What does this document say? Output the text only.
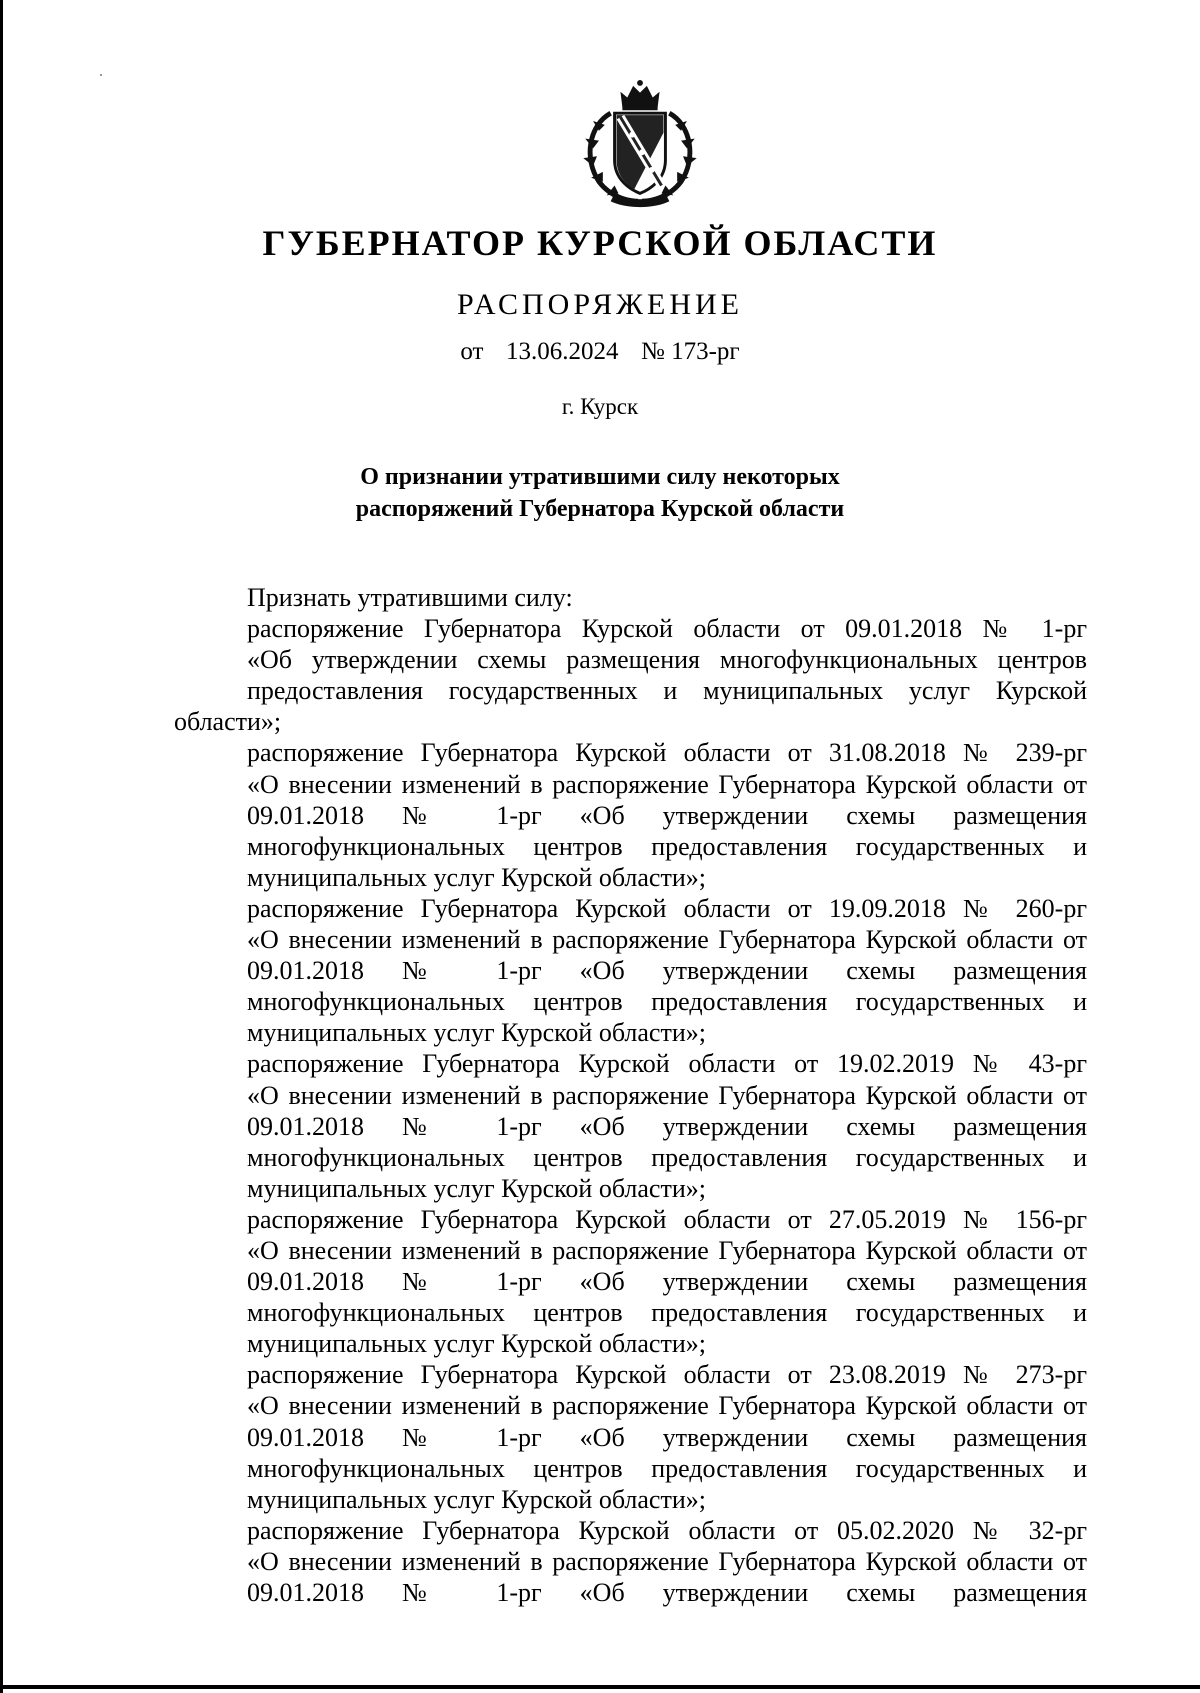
ГУБЕРНАТОР КУРСКОЙ ОБЛАСТИ
РАСПОРЯЖЕНИЕ
от 13.06.2024 № 173-рг
г. Курск
О признании утратившими силу некоторых
распоряжений Губернатора Курской области

Признать утратившими силу:

распоряжение Губернатора Курской области от 09.01.2018 № 1-рг
«Об утверждении схемы размещения многофункциональных центров
предоставления государственных и муниципальных услуг Курской области»;

распоряжение Губернатора Курской области от 31.08.2018 № 239-рг
«О внесении изменений в распоряжение Губернатора Курской области от
09.01.2018 № 1-рг «Об утверждении схемы размещения
многофункциональных центров предоставления государственных и
муниципальных услуг Курской области»;

распоряжение Губернатора Курской области от 19.09.2018 № 260-рг
«О внесении изменений в распоряжение Губернатора Курской области от
09.01.2018 № 1-рг «Об утверждении схемы размещения
многофункциональных центров предоставления государственных и
муниципальных услуг Курской области»;

распоряжение Губернатора Курской области от 19.02.2019 № 43-рг
«О внесении изменений в распоряжение Губернатора Курской области от
09.01.2018 № 1-рг «Об утверждении схемы размещения
многофункциональных центров предоставления государственных и
муниципальных услуг Курской области»;

распоряжение Губернатора Курской области от 27.05.2019 № 156-рг
«О внесении изменений в распоряжение Губернатора Курской области от
09.01.2018 № 1-рг «Об утверждении схемы размещения
многофункциональных центров предоставления государственных и
муниципальных услуг Курской области»;

распоряжение Губернатора Курской области от 23.08.2019 № 273-рг
«О внесении изменений в распоряжение Губернатора Курской области от
09.01.2018 № 1-рг «Об утверждении схемы размещения
многофункциональных центров предоставления государственных и
муниципальных услуг Курской области»;

распоряжение Губернатора Курской области от 05.02.2020 № 32-рг
«О внесении изменений в распоряжение Губернатора Курской области от
09.01.2018 № 1-рг «Об утверждении схемы размещения
